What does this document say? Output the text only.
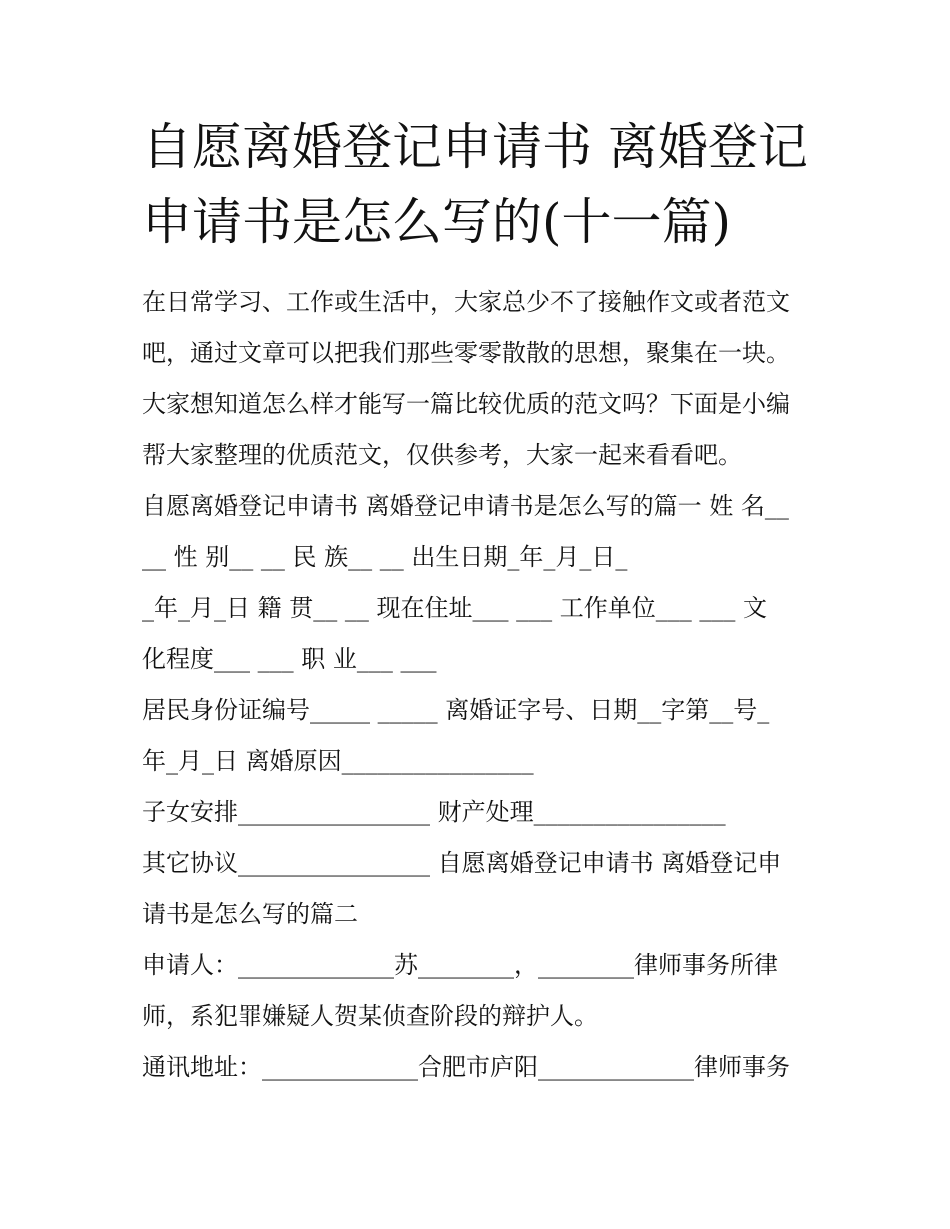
自愿离婚登记申请书 离婚登记
申请书是怎么写的(十一篇)
在日常学习、工作或生活中，大家总少不了接触作文或者范文
吧，通过文章可以把我们那些零零散散的思想，聚集在一块。
大家想知道怎么样才能写一篇比较优质的范文吗？下面是小编
帮大家整理的优质范文，仅供参考，大家一起来看看吧。
自愿离婚登记申请书 离婚登记申请书是怎么写的篇一 姓 名__
__ 性 别__ __ 民 族__ __ 出生日期_年_月_日_
_年_月_日 籍 贯__ __ 现在住址___ ___ 工作单位___ ___ 文
化程度___ ___ 职 业___ ___
居民身份证编号_____ _____ 离婚证字号、日期__字第__号_
年_月_日 离婚原因________________
子女安排________________ 财产处理________________
其它协议________________ 自愿离婚登记申请书 离婚登记申
请书是怎么写的篇二
申请人：_____________苏________，________律师事务所律
师，系犯罪嫌疑人贺某侦查阶段的辩护人。
通讯地址：_____________合肥市庐阳_____________律师事务
